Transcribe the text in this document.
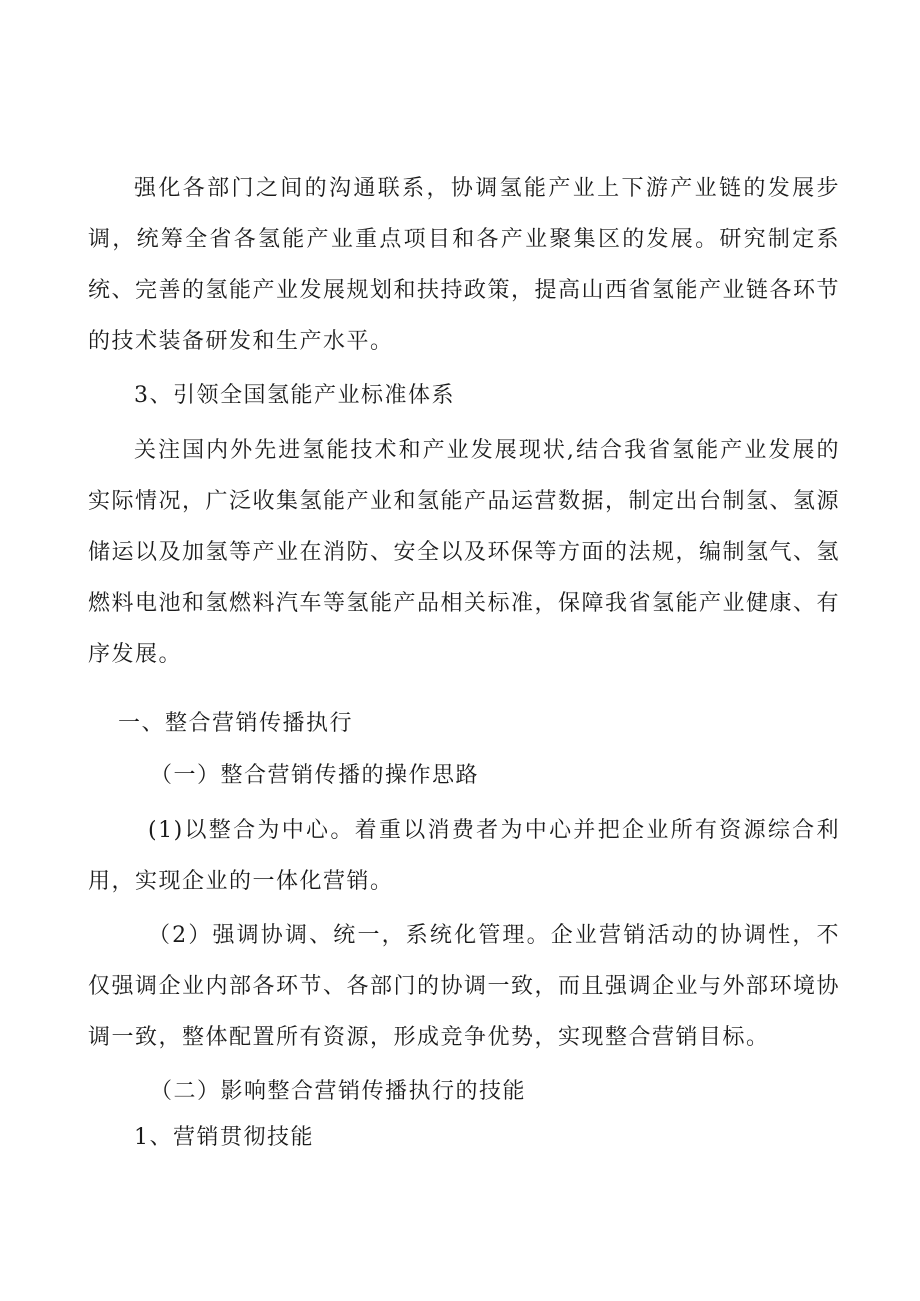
强化各部门之间的沟通联系，协调氢能产业上下游产业链的发展步调，统筹全省各氢能产业重点项目和各产业聚集区的发展。研究制定系统、完善的氢能产业发展规划和扶持政策，提高山西省氢能产业链各环节的技术装备研发和生产水平。

3、引领全国氢能产业标准体系

关注国内外先进氢能技术和产业发展现状,结合我省氢能产业发展的实际情况，广泛收集氢能产业和氢能产品运营数据，制定出台制氢、氢源储运以及加氢等产业在消防、安全以及环保等方面的法规，编制氢气、氢燃料电池和氢燃料汽车等氢能产品相关标准，保障我省氢能产业健康、有序发展。

一、整合营销传播执行

（一）整合营销传播的操作思路

(1)以整合为中心。着重以消费者为中心并把企业所有资源综合利用，实现企业的一体化营销。

（2）强调协调、统一，系统化管理。企业营销活动的协调性，不仅强调企业内部各环节、各部门的协调一致，而且强调企业与外部环境协调一致，整体配置所有资源，形成竞争优势，实现整合营销目标。

（二）影响整合营销传播执行的技能

1、营销贯彻技能
